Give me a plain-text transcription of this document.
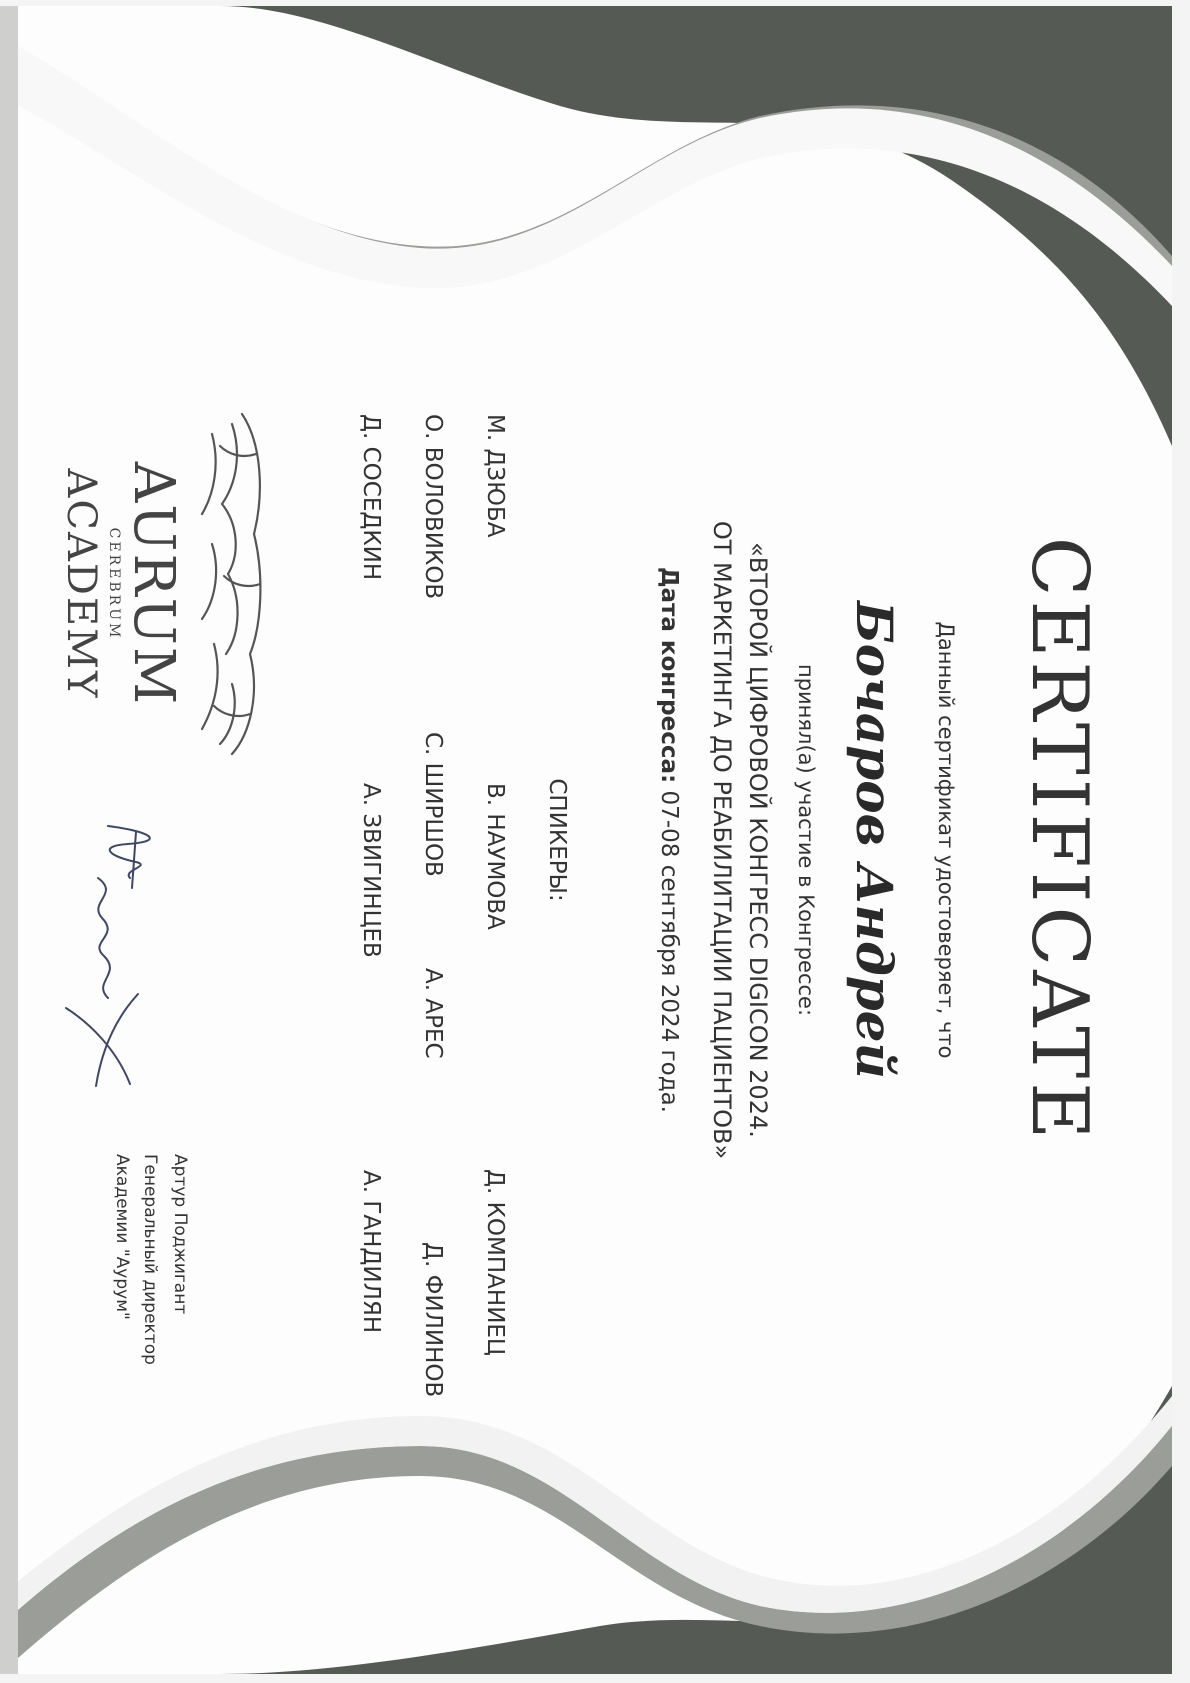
CERTIFICATE
Данный сертификат удостоверяет, что
Бочаров Андрей
принял(а) участие в Конгрессе:
«ВТОРОЙ ЦИФРОВОЙ КОНГРЕСС DIGICON 2024.
ОТ МАРКЕТИНГА ДО РЕАБИЛИТАЦИИ ПАЦИЕНТОВ»
Дата конгресса: 07-08 сентября 2024 года.
СПИКЕРЫ:
М. ДЗЮБА
В. НАУМОВА
Д. КОМПАНИЕЦ
О. ВОЛОВИКОВ
С. ШИРШОВ
А. АРЕС
Д. ФИЛИНОВ
Д. СОСЕДКИН
А. ЗВИГИНЦЕВ
А. ГАНДИЛЯН
AURUM
CEREBRUM
ACADEMY
Артур Поджигант
Генеральный директор
Академии "Аурум"
